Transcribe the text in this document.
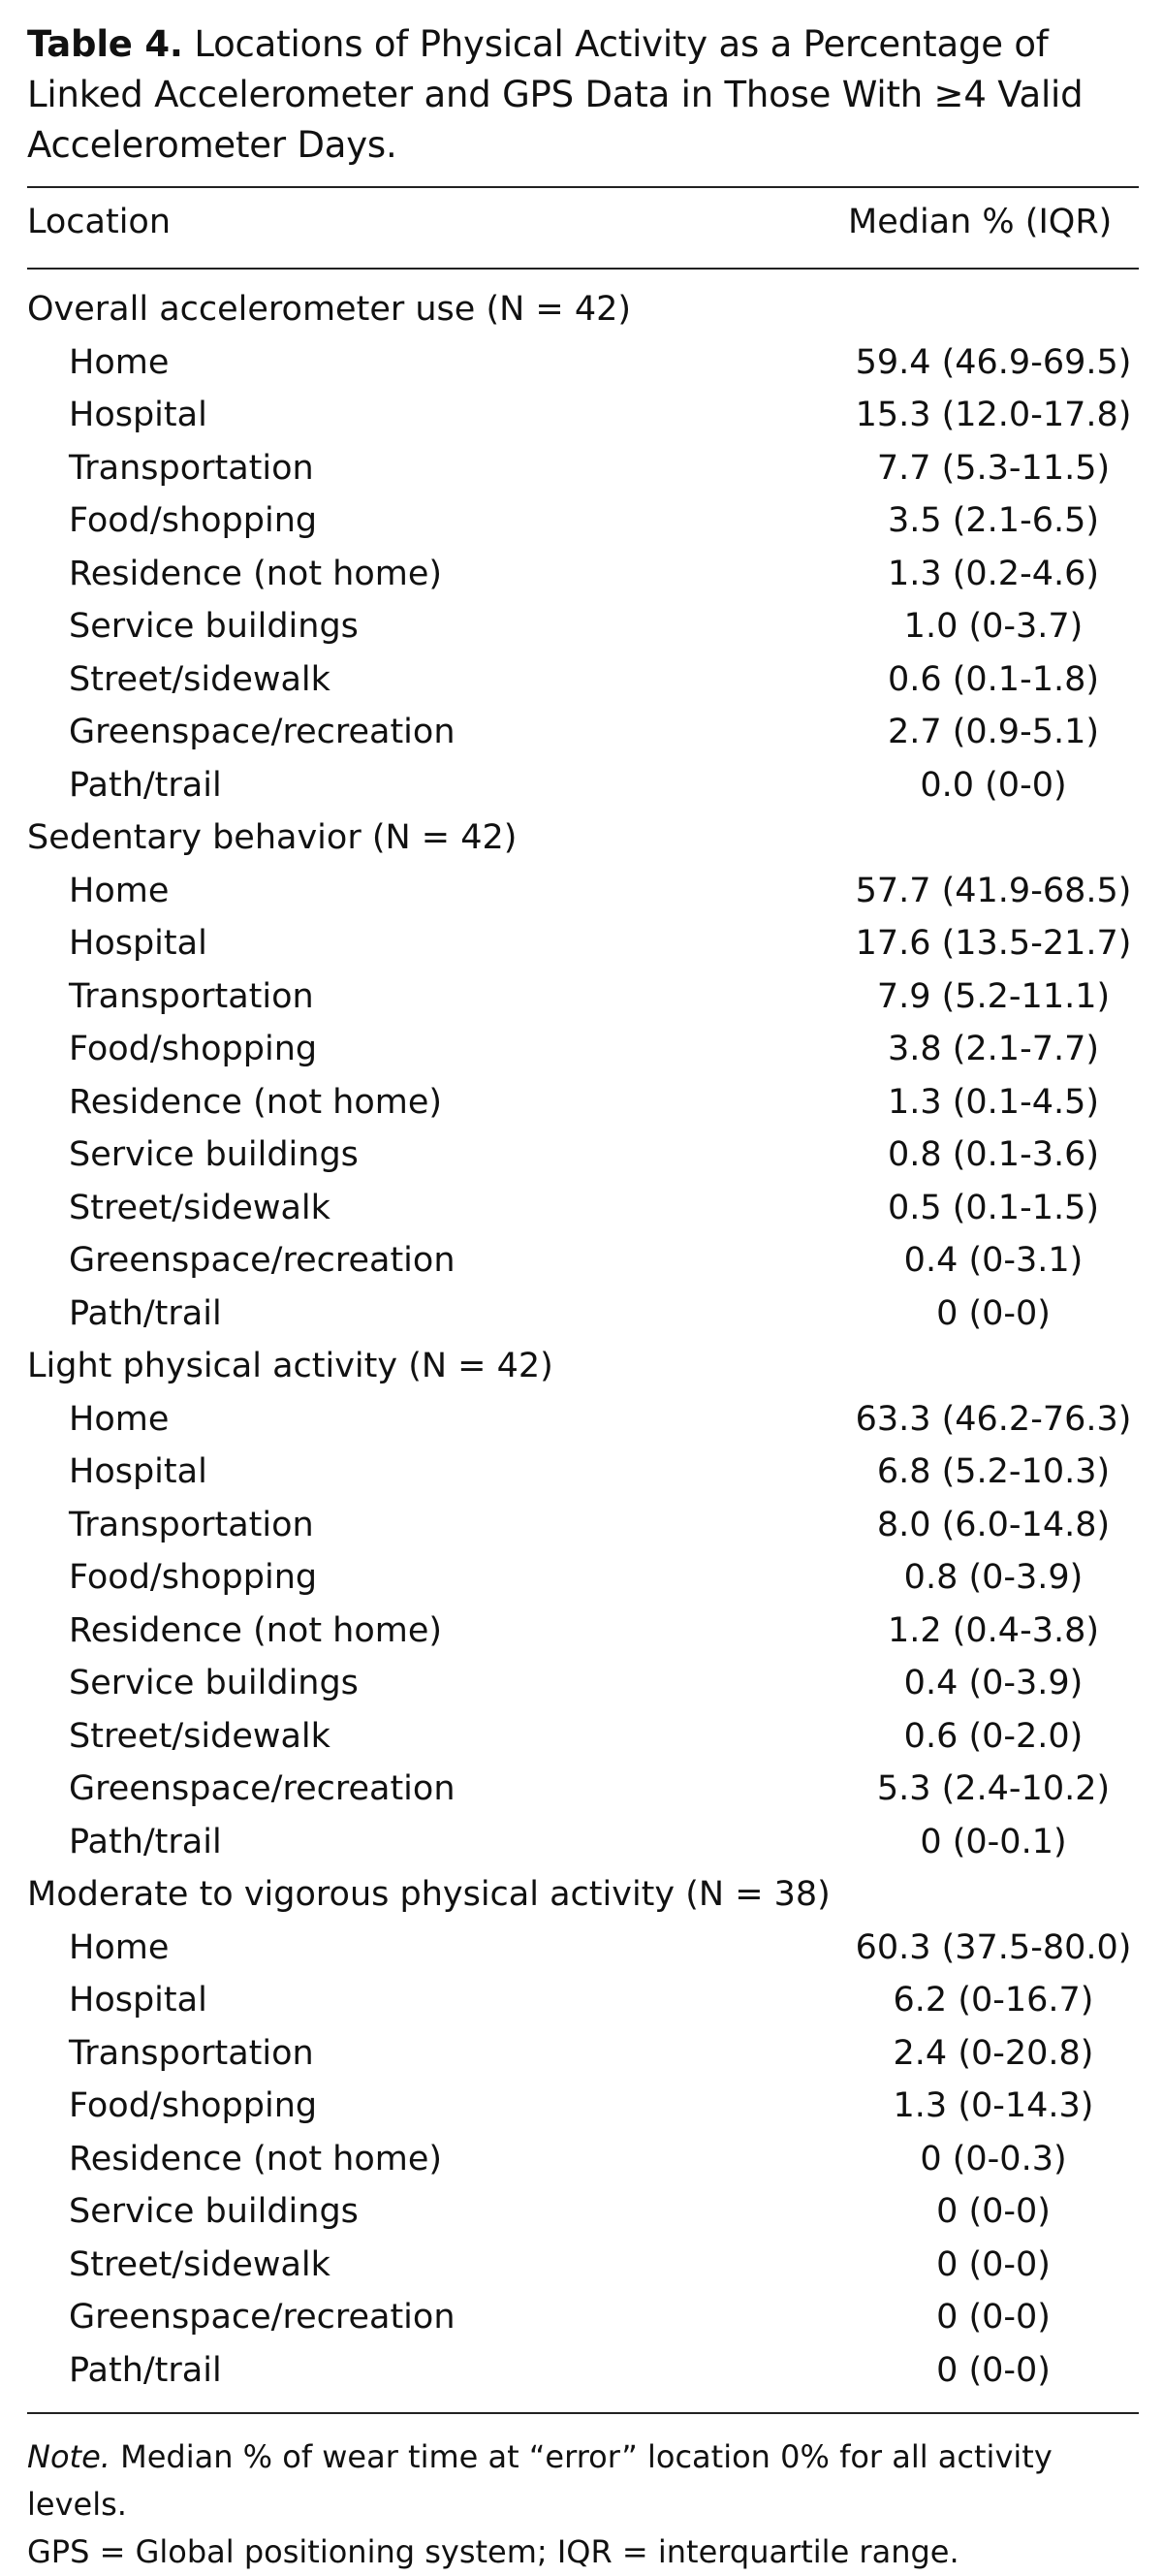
Table 4. Locations of Physical Activity as a Percentage of Linked Accelerometer and GPS Data in Those With ≥4 Valid Accelerometer Days.

Location	Median % (IQR)
Overall accelerometer use (N = 42)	
Home	59.4 (46.9-69.5)
Hospital	15.3 (12.0-17.8)
Transportation	7.7 (5.3-11.5)
Food/shopping	3.5 (2.1-6.5)
Residence (not home)	1.3 (0.2-4.6)
Service buildings	1.0 (0-3.7)
Street/sidewalk	0.6 (0.1-1.8)
Greenspace/recreation	2.7 (0.9-5.1)
Path/trail	0.0 (0-0)
Sedentary behavior (N = 42)	
Home	57.7 (41.9-68.5)
Hospital	17.6 (13.5-21.7)
Transportation	7.9 (5.2-11.1)
Food/shopping	3.8 (2.1-7.7)
Residence (not home)	1.3 (0.1-4.5)
Service buildings	0.8 (0.1-3.6)
Street/sidewalk	0.5 (0.1-1.5)
Greenspace/recreation	0.4 (0-3.1)
Path/trail	0 (0-0)
Light physical activity (N = 42)	
Home	63.3 (46.2-76.3)
Hospital	6.8 (5.2-10.3)
Transportation	8.0 (6.0-14.8)
Food/shopping	0.8 (0-3.9)
Residence (not home)	1.2 (0.4-3.8)
Service buildings	0.4 (0-3.9)
Street/sidewalk	0.6 (0-2.0)
Greenspace/recreation	5.3 (2.4-10.2)
Path/trail	0 (0-0.1)
Moderate to vigorous physical activity (N = 38)	
Home	60.3 (37.5-80.0)
Hospital	6.2 (0-16.7)
Transportation	2.4 (0-20.8)
Food/shopping	1.3 (0-14.3)
Residence (not home)	0 (0-0.3)
Service buildings	0 (0-0)
Street/sidewalk	0 (0-0)
Greenspace/recreation	0 (0-0)
Path/trail	0 (0-0)
Note. Median % of wear time at “error” location 0% for all activity levels.
GPS = Global positioning system; IQR = interquartile range.
